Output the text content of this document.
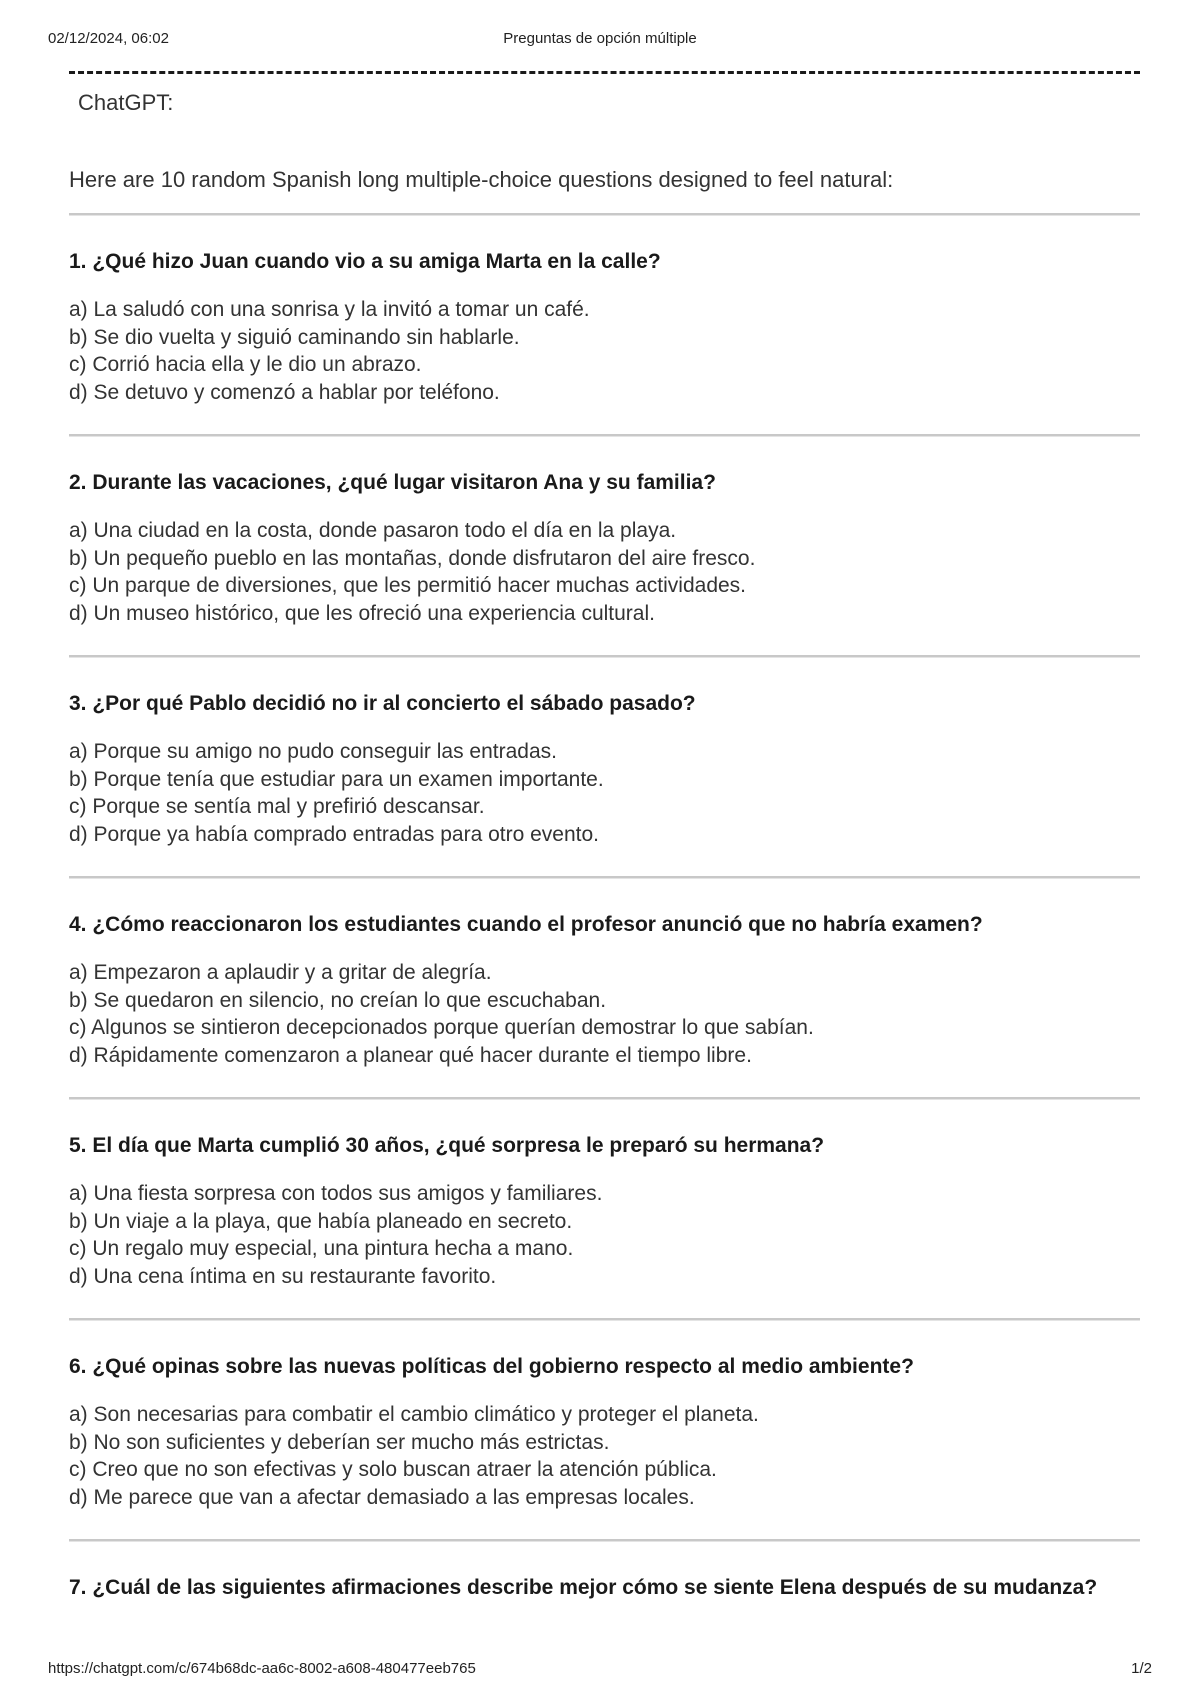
02/12/2024, 06:02	Preguntas de opción múltiple

ChatGPT:

Here are 10 random Spanish long multiple-choice questions designed to feel natural:

1. ¿Qué hizo Juan cuando vio a su amiga Marta en la calle?

a) La saludó con una sonrisa y la invitó a tomar un café.
b) Se dio vuelta y siguió caminando sin hablarle.
c) Corrió hacia ella y le dio un abrazo.
d) Se detuvo y comenzó a hablar por teléfono.

2. Durante las vacaciones, ¿qué lugar visitaron Ana y su familia?

a) Una ciudad en la costa, donde pasaron todo el día en la playa.
b) Un pequeño pueblo en las montañas, donde disfrutaron del aire fresco.
c) Un parque de diversiones, que les permitió hacer muchas actividades.
d) Un museo histórico, que les ofreció una experiencia cultural.

3. ¿Por qué Pablo decidió no ir al concierto el sábado pasado?

a) Porque su amigo no pudo conseguir las entradas.
b) Porque tenía que estudiar para un examen importante.
c) Porque se sentía mal y prefirió descansar.
d) Porque ya había comprado entradas para otro evento.

4. ¿Cómo reaccionaron los estudiantes cuando el profesor anunció que no habría examen?

a) Empezaron a aplaudir y a gritar de alegría.
b) Se quedaron en silencio, no creían lo que escuchaban.
c) Algunos se sintieron decepcionados porque querían demostrar lo que sabían.
d) Rápidamente comenzaron a planear qué hacer durante el tiempo libre.

5. El día que Marta cumplió 30 años, ¿qué sorpresa le preparó su hermana?

a) Una fiesta sorpresa con todos sus amigos y familiares.
b) Un viaje a la playa, que había planeado en secreto.
c) Un regalo muy especial, una pintura hecha a mano.
d) Una cena íntima en su restaurante favorito.

6. ¿Qué opinas sobre las nuevas políticas del gobierno respecto al medio ambiente?

a) Son necesarias para combatir el cambio climático y proteger el planeta.
b) No son suficientes y deberían ser mucho más estrictas.
c) Creo que no son efectivas y solo buscan atraer la atención pública.
d) Me parece que van a afectar demasiado a las empresas locales.

7. ¿Cuál de las siguientes afirmaciones describe mejor cómo se siente Elena después de su mudanza?

https://chatgpt.com/c/674b68dc-aa6c-8002-a608-480477eeb765	1/2
